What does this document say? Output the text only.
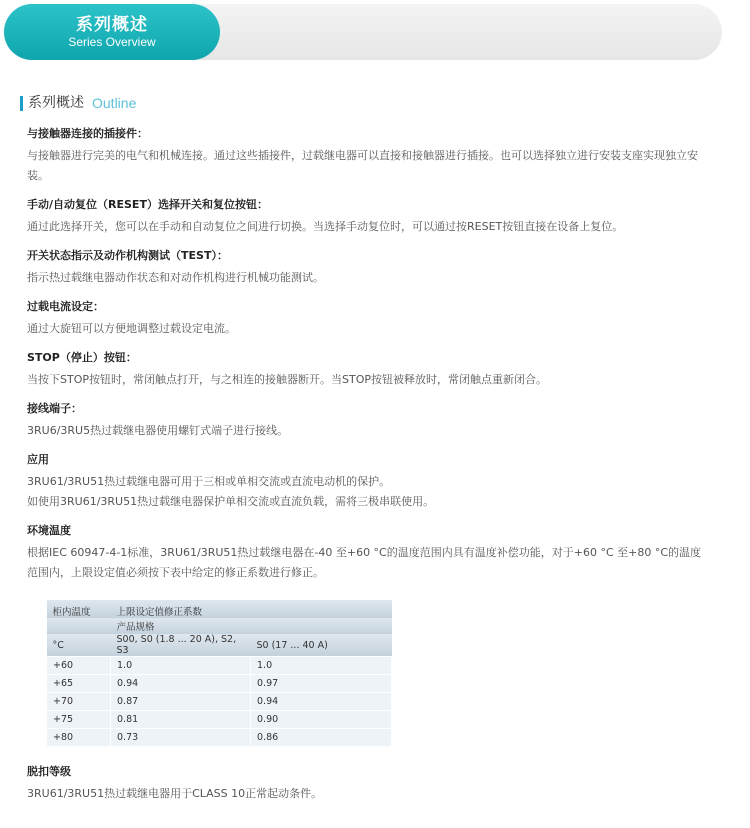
系列概述
Series Overview
系列概述 Outline
与接触器连接的插接件：
与接触器进行完美的电气和机械连接。通过这些插接件，过载继电器可以直接和接触器进行插接。也可以选择独立进行安装支座实现独立安装。
手动/自动复位（RESET）选择开关和复位按钮：
通过此选择开关，您可以在手动和自动复位之间进行切换。当选择手动复位时，可以通过按RESET按钮直接在设备上复位。
开关状态指示及动作机构测试（TEST）：
指示热过载继电器动作状态和对动作机构进行机械功能测试。
过载电流设定：
通过大旋钮可以方便地调整过载设定电流。
STOP（停止）按钮：
当按下STOP按钮时，常闭触点打开，与之相连的接触器断开。当STOP按钮被释放时，常闭触点重新闭合。
接线端子：
3RU6/3RU5热过载继电器使用螺钉式端子进行接线。
应用
3RU61/3RU51热过载继电器可用于三相或单相交流或直流电动机的保护。
如使用3RU61/3RU51热过载继电器保护单相交流或直流负载，需将三极串联使用。
环境温度
根据IEC 60947-4-1标准，3RU61/3RU51热过载继电器在-40 至+60 °C的温度范围内具有温度补偿功能，对于+60 °C 至+80 °C的温度范围内，上限设定值必须按下表中给定的修正系数进行修正。
柜内温度	上限设定值修正系数	
	产品规格	
°C	S00, S0 (1.8 ... 20 A), S2, S3	S0 (17 ... 40 A)
+60	1.0	1.0
+65	0.94	0.97
+70	0.87	0.94
+75	0.81	0.90
+80	0.73	0.86
脱扣等级
3RU61/3RU51热过载继电器用于CLASS 10正常起动条件。
